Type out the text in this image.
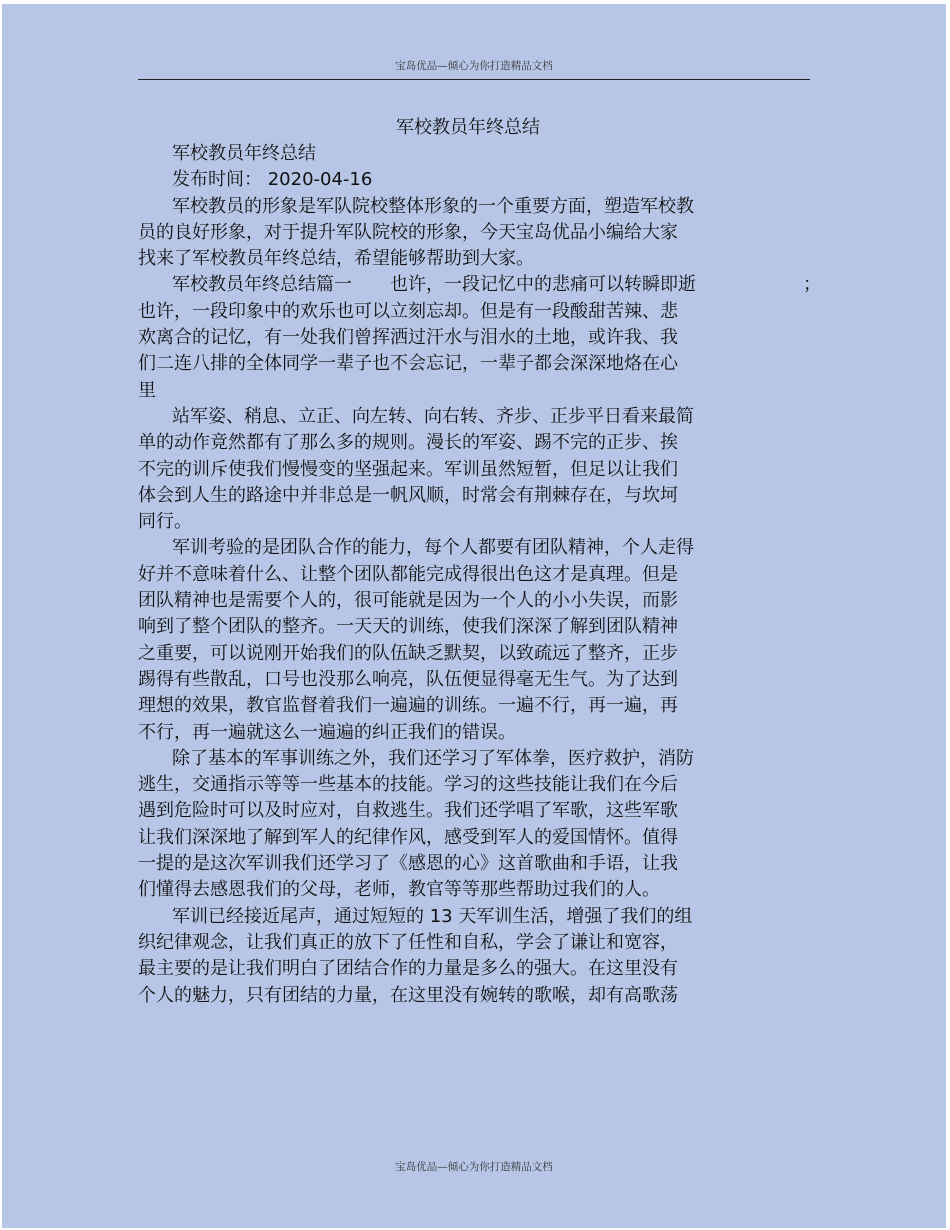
宝岛优品—倾心为你打造精品文档
军校教员年终总结
军校教员年终总结
发布时间： 2020-04-16
军校教员的形象是军队院校整体形象的一个重要方面，塑造军校教
员的良好形象，对于提升军队院校的形象，今天宝岛优品小编给大家
找来了军校教员年终总结，希望能够帮助到大家。
军校教员年终总结篇一 也许，一段记忆中的悲痛可以转瞬即逝	；
也许，一段印象中的欢乐也可以立刻忘却。但是有一段酸甜苦辣、悲
欢离合的记忆，有一处我们曾挥洒过汗水与泪水的土地，或许我、我
们二连八排的全体同学一辈子也不会忘记，一辈子都会深深地烙在心
里
站军姿、稍息、立正、向左转、向右转、齐步、正步平日看来最简
单的动作竟然都有了那么多的规则。漫长的军姿、踢不完的正步、挨
不完的训斥使我们慢慢变的坚强起来。军训虽然短暂，但足以让我们
体会到人生的路途中并非总是一帆风顺，时常会有荆棘存在，与坎坷
同行。
军训考验的是团队合作的能力，每个人都要有团队精神，个人走得
好并不意味着什么、让整个团队都能完成得很出色这才是真理。但是
团队精神也是需要个人的，很可能就是因为一个人的小小失误，而影
响到了整个团队的整齐。一天天的训练，使我们深深了解到团队精神
之重要，可以说刚开始我们的队伍缺乏默契，以致疏远了整齐，正步
踢得有些散乱，口号也没那么响亮，队伍便显得毫无生气。为了达到
理想的效果，教官监督着我们一遍遍的训练。一遍不行，再一遍，再
不行，再一遍就这么一遍遍的纠正我们的错误。
除了基本的军事训练之外，我们还学习了军体拳，医疗救护，消防
逃生，交通指示等等一些基本的技能。学习的这些技能让我们在今后
遇到危险时可以及时应对，自救逃生。我们还学唱了军歌，这些军歌
让我们深深地了解到军人的纪律作风，感受到军人的爱国情怀。值得
一提的是这次军训我们还学习了《感恩的心》这首歌曲和手语，让我
们懂得去感恩我们的父母，老师，教官等等那些帮助过我们的人。
军训已经接近尾声，通过短短的 13 天军训生活，增强了我们的组
织纪律观念，让我们真正的放下了任性和自私，学会了谦让和宽容，
最主要的是让我们明白了团结合作的力量是多么的强大。在这里没有
个人的魅力，只有团结的力量，在这里没有婉转的歌喉，却有高歌荡
宝岛优品—倾心为你打造精品文档
